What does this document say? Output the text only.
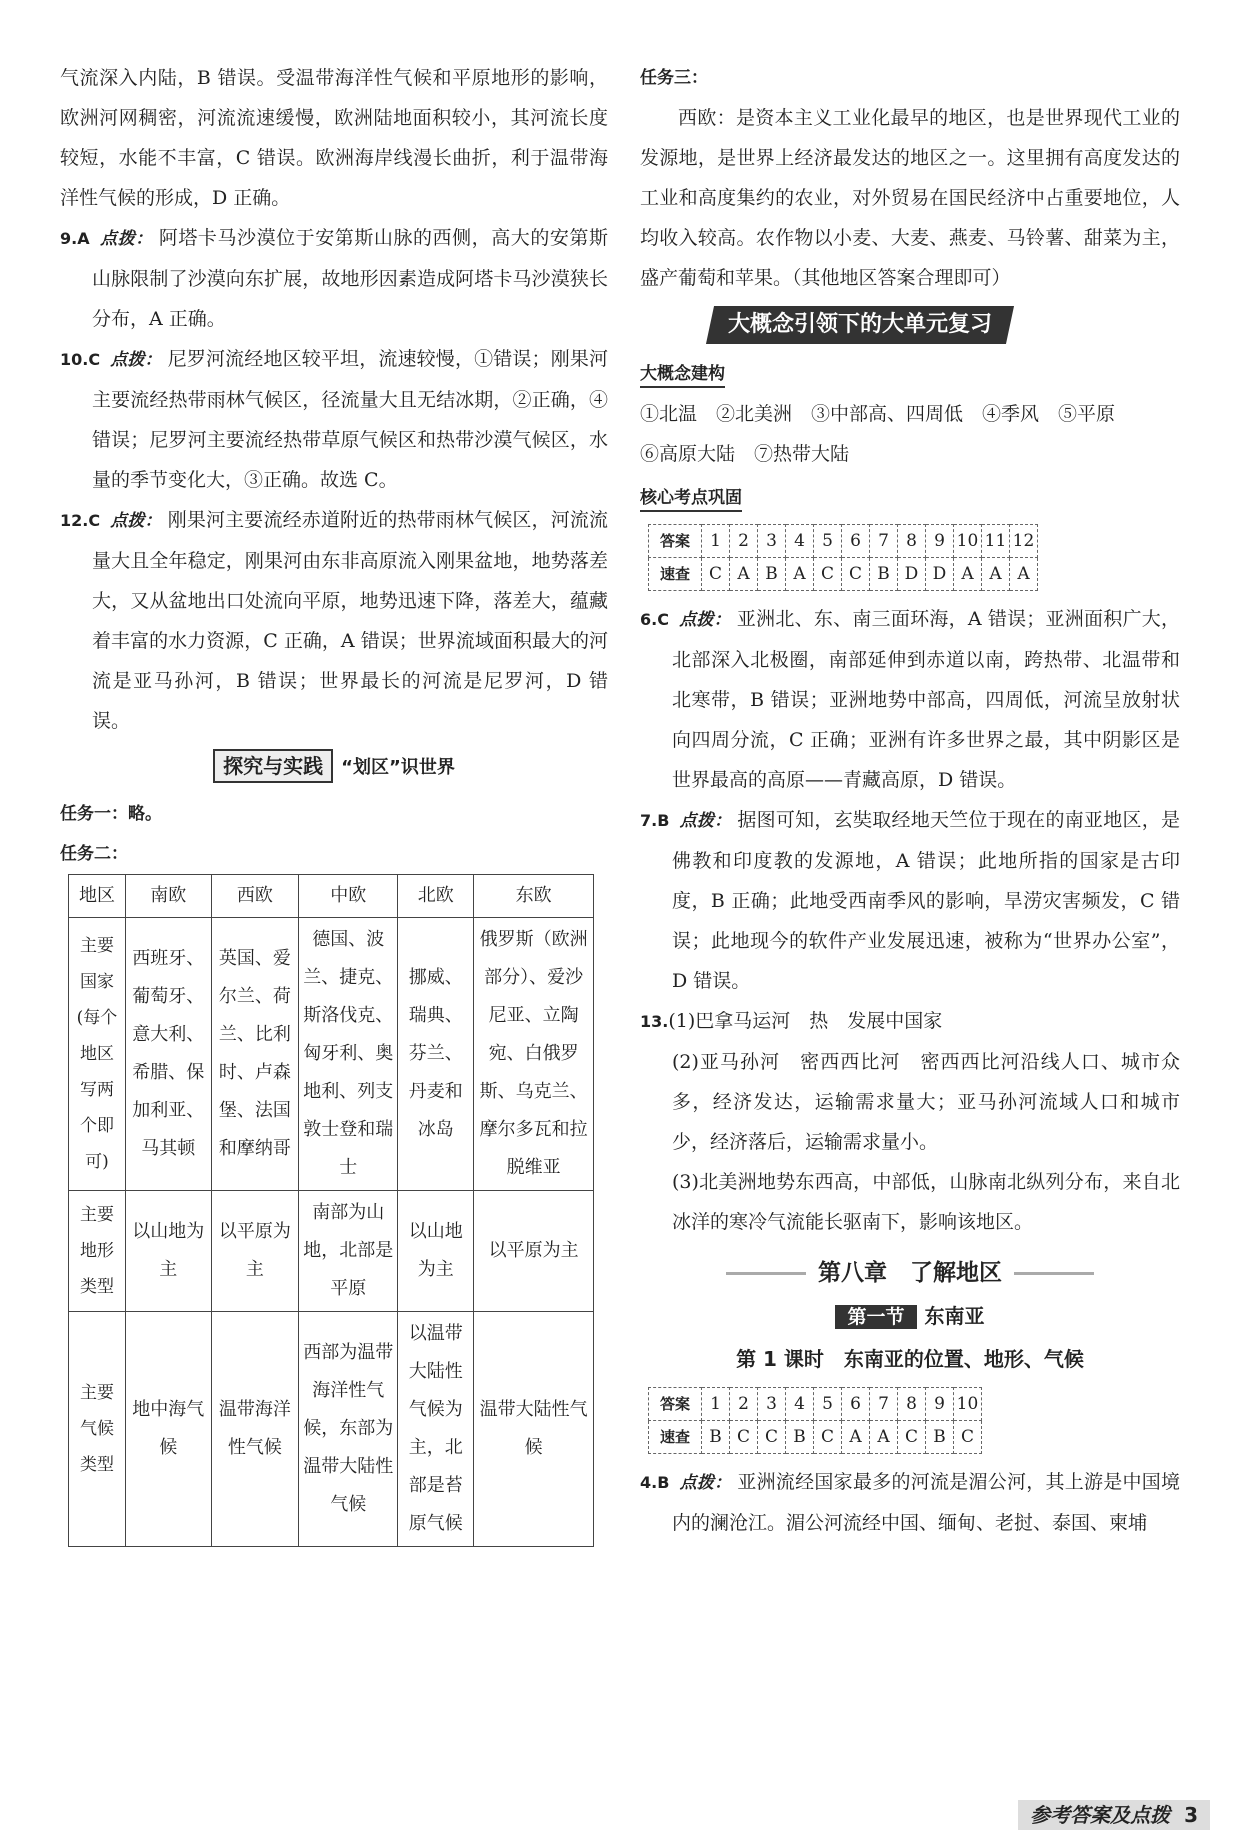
气流深入内陆，B 错误。受温带海洋性气候和平原地形的影响，欧洲河网稠密，河流流速缓慢，欧洲陆地面积较小，其河流长度较短，水能不丰富，C 错误。欧洲海岸线漫长曲折，利于温带海洋性气候的形成，D 正确。

9.A 点拨： 阿塔卡马沙漠位于安第斯山脉的西侧，高大的安第斯山脉限制了沙漠向东扩展，故地形因素造成阿塔卡马沙漠狭长分布，A 正确。

10.C 点拨： 尼罗河流经地区较平坦，流速较慢，①错误；刚果河主要流经热带雨林气候区，径流量大且无结冰期，②正确，④错误；尼罗河主要流经热带草原气候区和热带沙漠气候区，水量的季节变化大，③正确。故选 C。

12.C 点拨： 刚果河主要流经赤道附近的热带雨林气候区，河流流量大且全年稳定，刚果河由东非高原流入刚果盆地，地势落差大，又从盆地出口处流向平原，地势迅速下降，落差大，蕴藏着丰富的水力资源，C 正确，A 错误；世界流域面积最大的河流是亚马孙河，B 错误；世界最长的河流是尼罗河，D 错误。

探究与实践 “划区”识世界

任务一：略。

任务二：

地区	南欧	西欧	中欧	北欧	东欧
主要国家(每个地区写两个即可)	西班牙、葡萄牙、意大利、希腊、保加利亚、马其顿	英国、爱尔兰、荷兰、比利时、卢森堡、法国和摩纳哥	德国、波兰、捷克、斯洛伐克、匈牙利、奥地利、列支敦士登和瑞士	挪威、瑞典、芬兰、丹麦和冰岛	俄罗斯（欧洲部分）、爱沙尼亚、立陶宛、白俄罗斯、乌克兰、摩尔多瓦和拉脱维亚
主要地形类型	以山地为主	以平原为主	南部为山地，北部是平原	以山地为主	以平原为主
主要气候类型	地中海气候	温带海洋性气候	西部为温带海洋性气候，东部为温带大陆性气候	以温带大陆性气候为主，北部是苔原气候	温带大陆性气候

任务三：

西欧：是资本主义工业化最早的地区，也是世界现代工业的发源地，是世界上经济最发达的地区之一。这里拥有高度发达的工业和高度集约的农业，对外贸易在国民经济中占重要地位，人均收入较高。农作物以小麦、大麦、燕麦、马铃薯、甜菜为主，盛产葡萄和苹果。（其他地区答案合理即可）

大概念引领下的大单元复习

大概念建构

①北温　②北美洲　③中部高、四周低　④季风　⑤平原

⑥高原大陆　⑦热带大陆

核心考点巩固

答案	1	2	3	4	5	6	7	8	9	10	11	12
速查	C	A	B	A	C	C	B	D	D	A	A	A

6.C 点拨： 亚洲北、东、南三面环海，A 错误；亚洲面积广大，北部深入北极圈，南部延伸到赤道以南，跨热带、北温带和北寒带，B 错误；亚洲地势中部高，四周低，河流呈放射状向四周分流，C 正确；亚洲有许多世界之最，其中阴影区是世界最高的高原——青藏高原，D 错误。

7.B 点拨： 据图可知，玄奘取经地天竺位于现在的南亚地区，是佛教和印度教的发源地，A 错误；此地所指的国家是古印度，B 正确；此地受西南季风的影响，旱涝灾害频发，C 错误；此地现今的软件产业发展迅速，被称为“世界办公室”，D 错误。

13.(1)巴拿马运河　热　发展中国家

(2)亚马孙河　密西西比河　密西西比河沿线人口、城市众多，经济发达，运输需求量大；亚马孙河流域人口和城市少，经济落后，运输需求量小。

(3)北美洲地势东西高，中部低，山脉南北纵列分布，来自北冰洋的寒冷气流能长驱南下，影响该地区。

第八章　了解地区
第一节 东南亚
第 1 课时　东南亚的位置、地形、气候
答案	1	2	3	4	5	6	7	8	9	10
速查	B	C	C	B	C	A	A	C	B	C

4.B 点拨： 亚洲流经国家最多的河流是湄公河，其上游是中国境内的澜沧江。湄公河流经中国、缅甸、老挝、泰国、柬埔

参考答案及点拨 3
